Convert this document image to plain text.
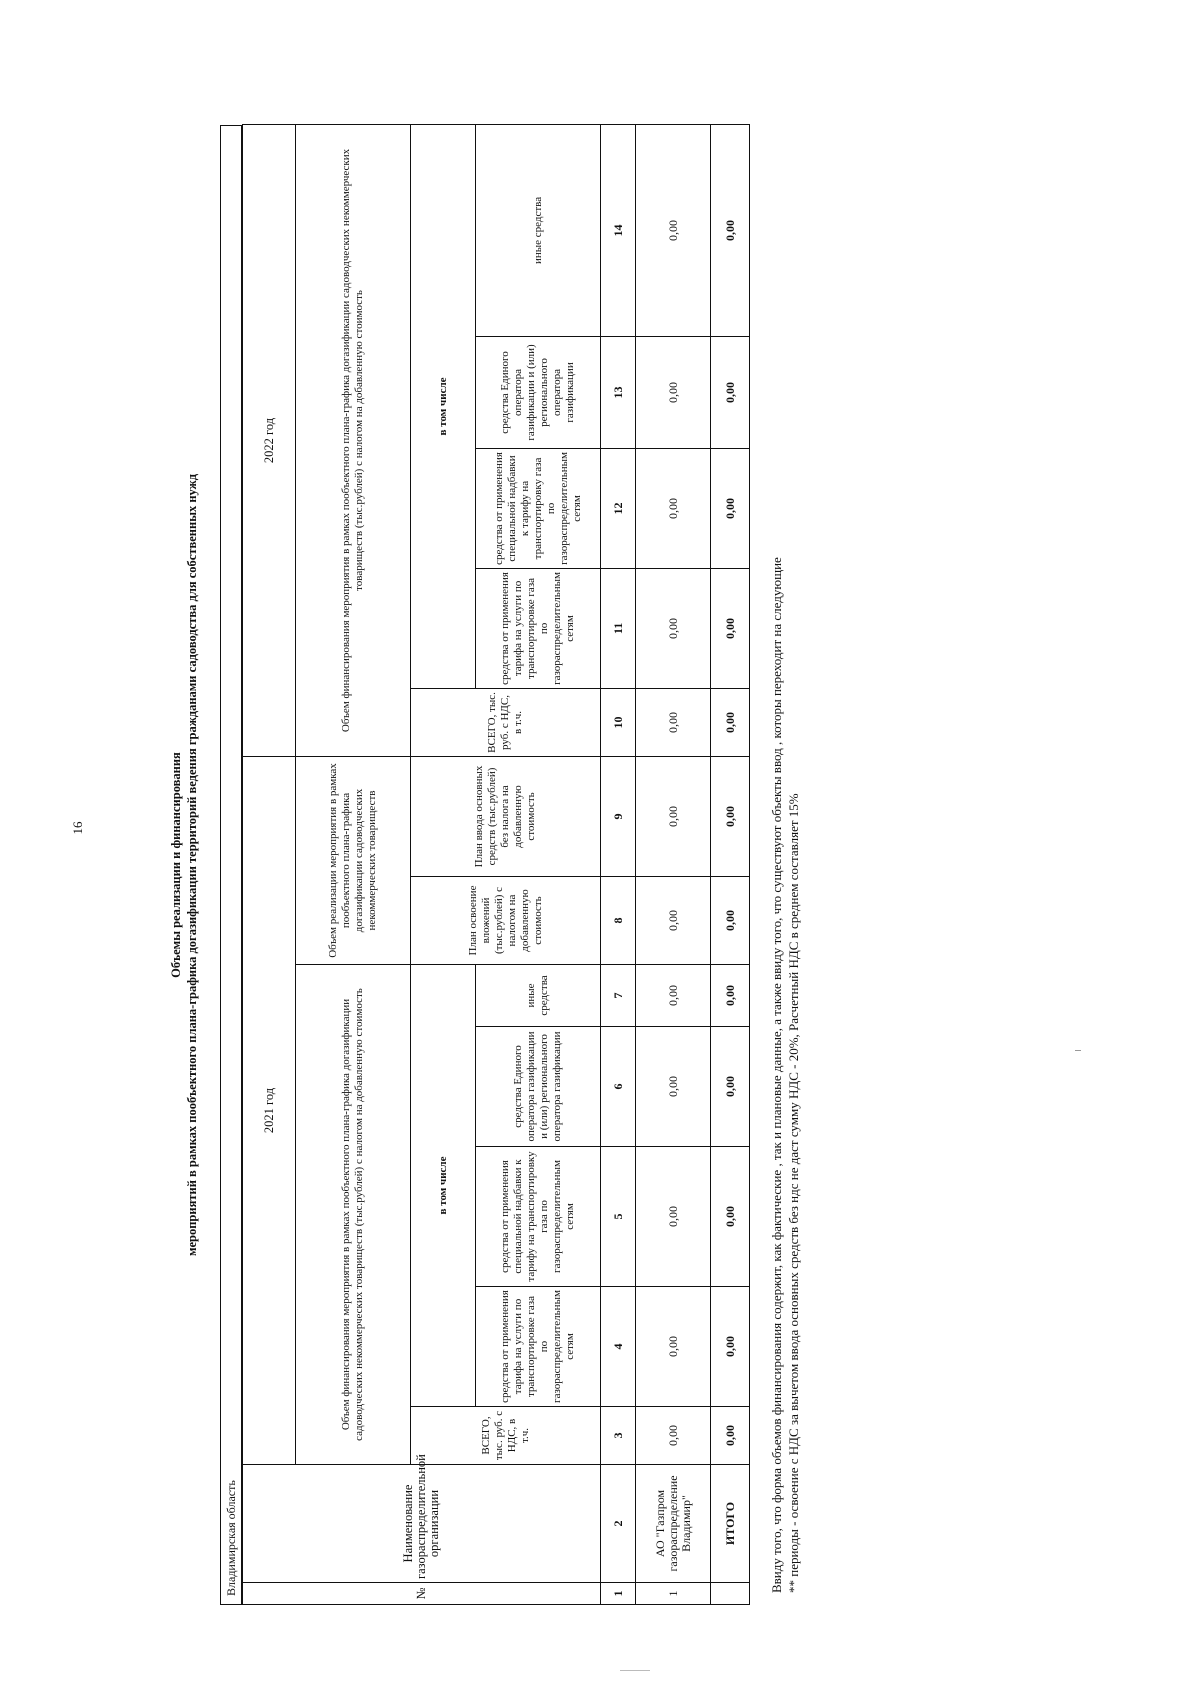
16	Объемы реализации и финансирования мероприятий в рамках пообъектного плана-графика догазификации территорий ведения гражданами садоводства для собственных нужд
Владимирская область	№	Наименование газораспределительной организации	2021 год							2022 год				
		Объем финансирования мероприятия в рамках пообъектного плана-графика догазификации садоводческих некоммерческих товариществ (тыс.рублей) с налогом на добавленную стоимость					Объем реализации мероприятия в рамках пообъектного плана-графика догазификации садоводческих некоммерческих товариществ		Объем финансирования мероприятия в рамках пообъектного плана-графика догазификации садоводческих некоммерческих товариществ (тыс.рублей) с налогом на добавленную стоимость				
		ВСЕГО, тыс. руб. с НДС, в т.ч.	в том числе				План освоение вложений (тыс.рублей) с налогом на добавленную стоимость	План ввода основных средств (тыс.рублей) без налога на добавленную стоимость	ВСЕГО, тыс. руб. с НДС, в т.ч.	в том числе			
			средства от применения тарифа на услуги по транспортировке газа по газораспределительным сетям	средства от применения специальной надбавки к тарифу на транспортировку газа по газораспределительным сетям	средства Единого оператора газификации и (или) регионального оператора газификации	иные средства				средства от применения тарифа на услуги по транспортировке газа по газораспределительным сетям	средства от применения специальной надбавки к тарифу на транспортировку газа по газораспределительным сетям	средства Единого оператора газификации и (или) регионального оператора газификации	иные средства
1	2	3	4	5	6	7	8	9	10	11	12	13	14
1	АО "Газпром газораспределение Владимир"	0,00	0,00	0,00	0,00	0,00	0,00	0,00	0,00	0,00	0,00	0,00	0,00
	ИТОГО	0,00	0,00	0,00	0,00	0,00	0,00	0,00	0,00	0,00	0,00	0,00	0,00
Ввиду того, что форма объемов финансирования содержит, как фактические , так и плановые данные, а также ввиду того, что существуют объекты ввод , которы переходит на следующие ** периоды - освоение с НДС за вычетом ввода основных средств без ндс не даст сумму НДС - 20%, Расчетный НДС в среднем составляет 15%
